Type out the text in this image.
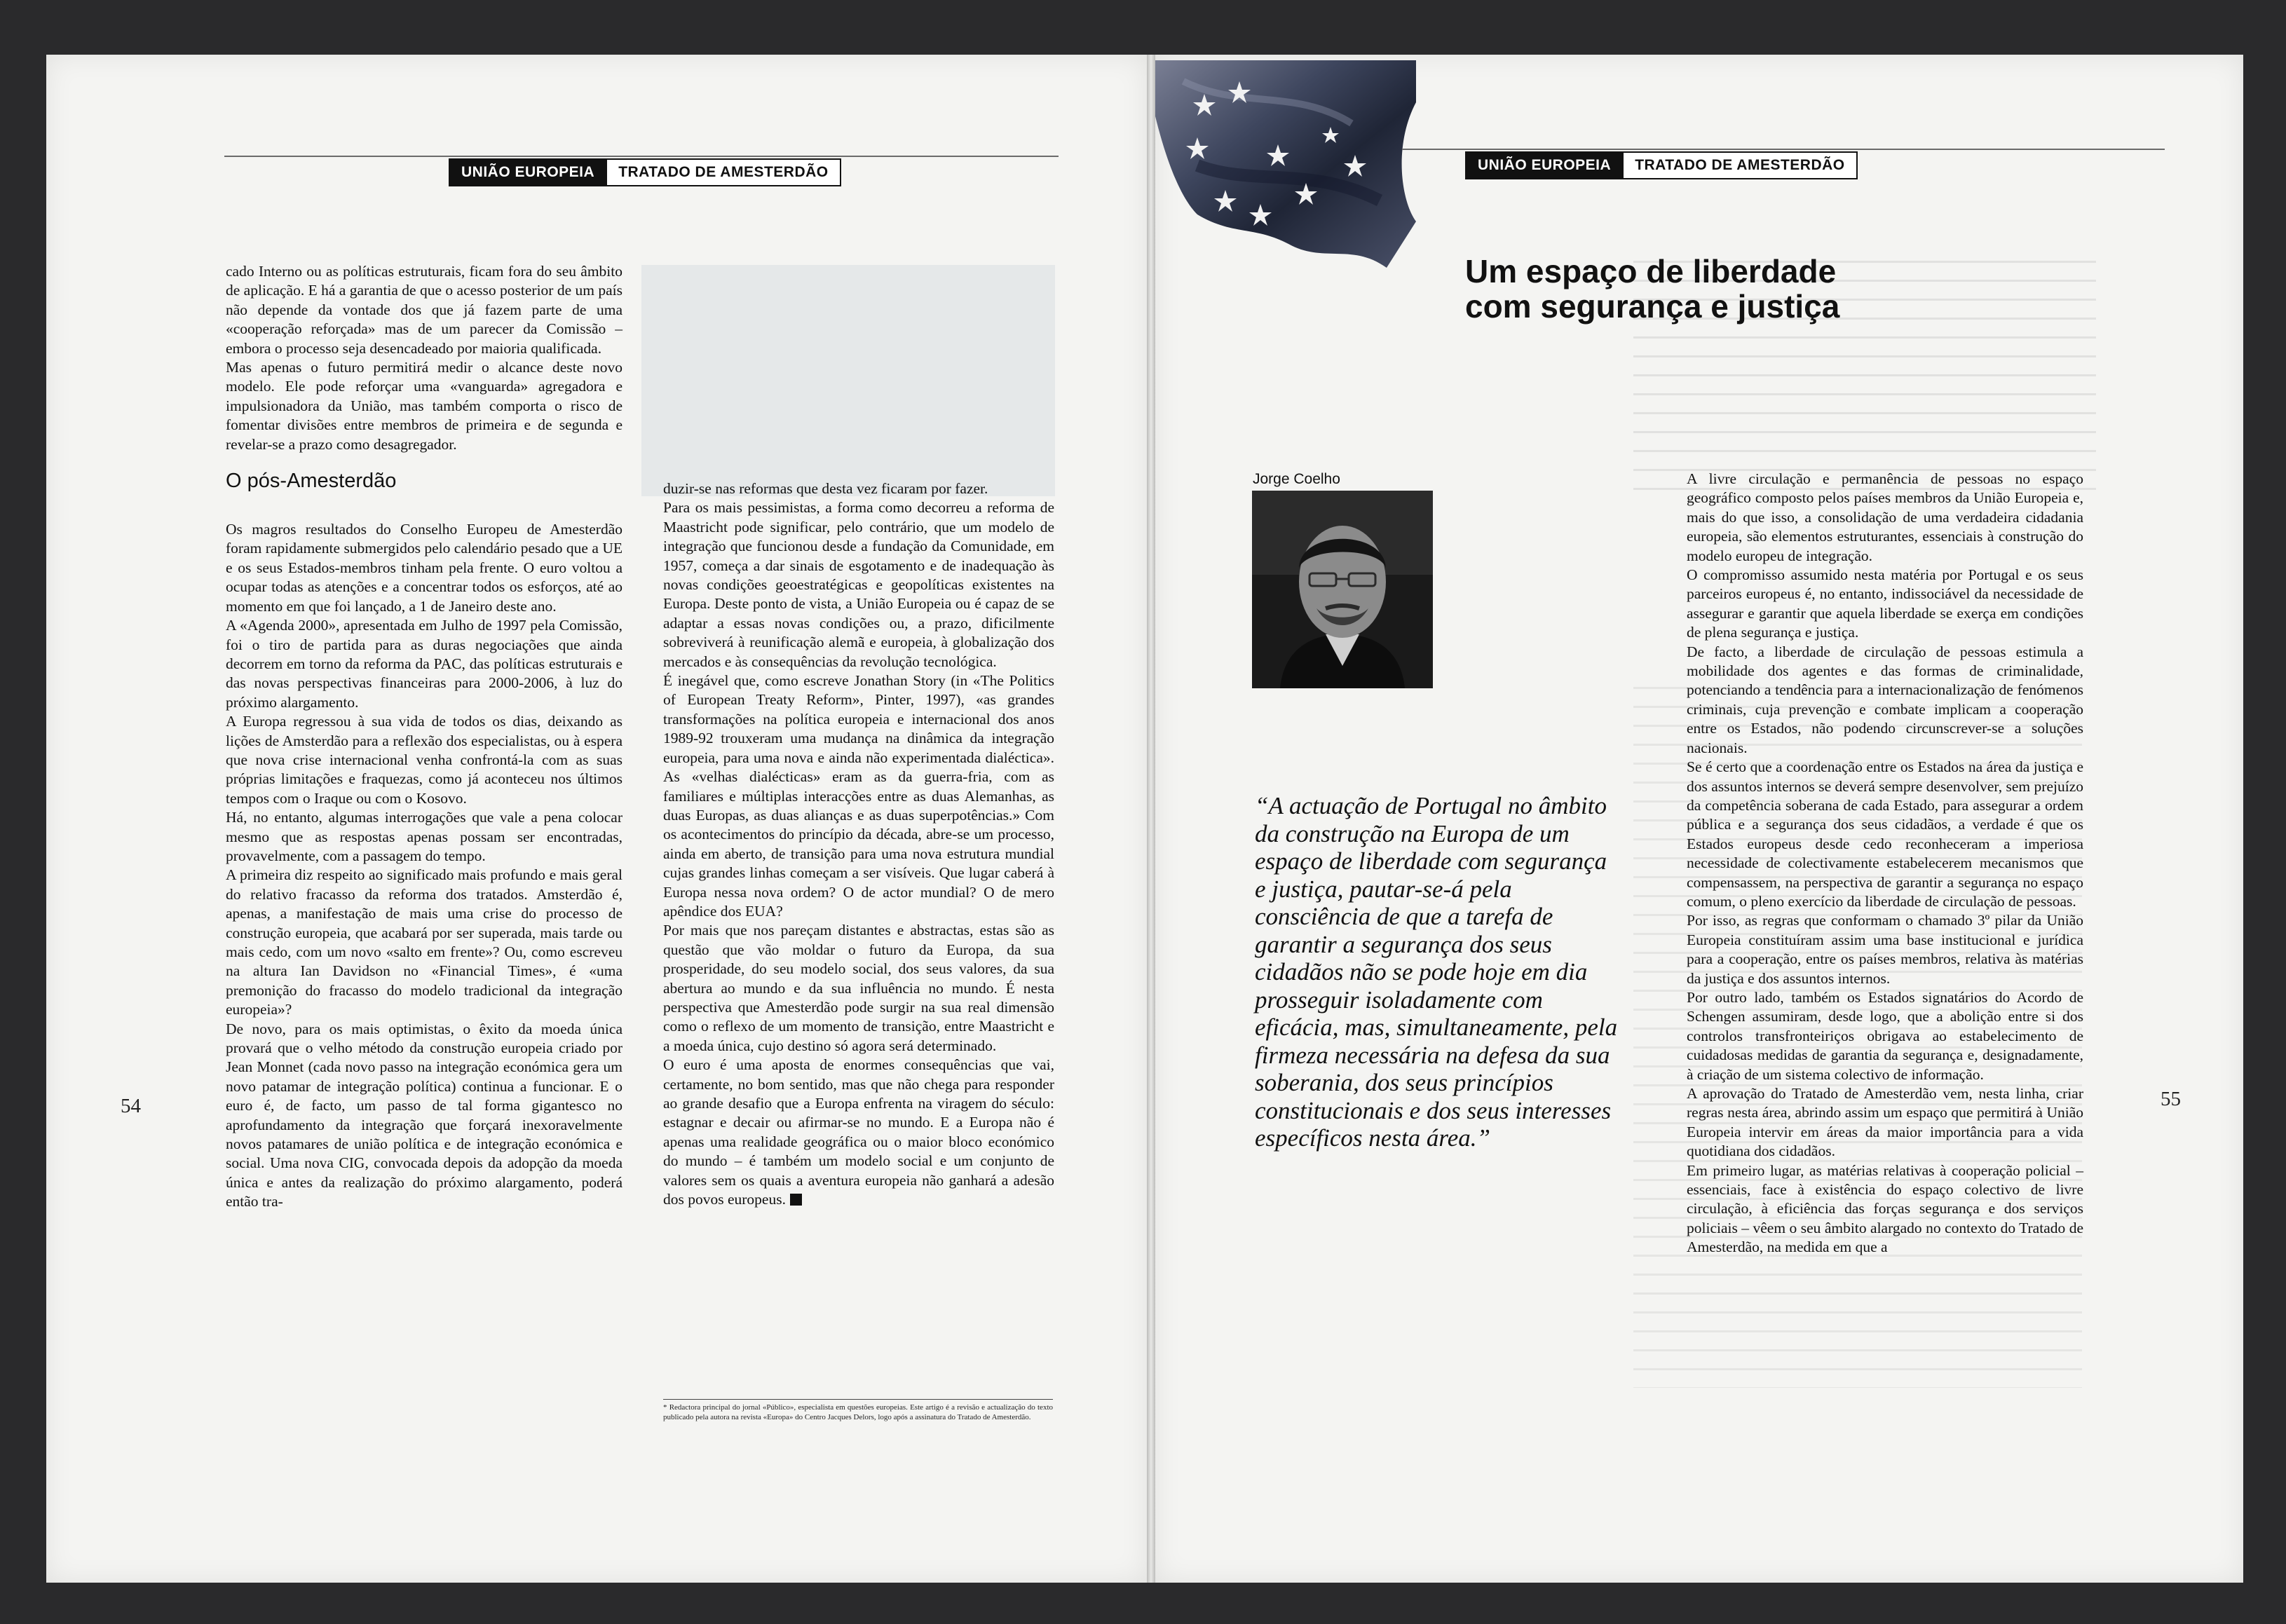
UNIÃO EUROPEIA	TRATADO DE AMESTERDÃO

cado Interno ou as políticas estruturais, ficam fora do seu âmbito de aplicação. E há a garantia de que o acesso posterior de um país não depende da vontade dos que já fazem parte de uma «cooperação reforçada» mas de um parecer da Comissão – embora o processo seja desencadeado por maioria qualificada.

Mas apenas o futuro permitirá medir o alcance deste novo modelo. Ele pode reforçar uma «vanguarda» agregadora e impulsionadora da União, mas também comporta o risco de fomentar divisões entre membros de primeira e de segunda e revelar-se a prazo como desagregador.

O pós-Amesterdão

Os magros resultados do Conselho Europeu de Amesterdão foram rapidamente submergidos pelo calendário pesado que a UE e os seus Estados-membros tinham pela frente. O euro voltou a ocupar todas as atenções e a concentrar todos os esforços, até ao momento em que foi lançado, a 1 de Janeiro deste ano.

A «Agenda 2000», apresentada em Julho de 1997 pela Comissão, foi o tiro de partida para as duras negociações que ainda decorrem em torno da reforma da PAC, das políticas estruturais e das novas perspectivas financeiras para 2000-2006, à luz do próximo alargamento.

A Europa regressou à sua vida de todos os dias, deixando as lições de Amsterdão para a reflexão dos especialistas, ou à espera que nova crise internacional venha confrontá-la com as suas próprias limitações e fraquezas, como já aconteceu nos últimos tempos com o Iraque ou com o Kosovo.

Há, no entanto, algumas interrogações que vale a pena colocar mesmo que as respostas apenas possam ser encontradas, provavelmente, com a passagem do tempo.

A primeira diz respeito ao significado mais profundo e mais geral do relativo fracasso da reforma dos tratados. Amsterdão é, apenas, a manifestação de mais uma crise do processo de construção europeia, que acabará por ser superada, mais tarde ou mais cedo, com um novo «salto em frente»? Ou, como escreveu na altura Ian Davidson no «Financial Times», é «uma premonição do fracasso do modelo tradicional da integração europeia»?

De novo, para os mais optimistas, o êxito da moeda única provará que o velho método da construção europeia criado por Jean Monnet (cada novo passo na integração económica gera um novo patamar de integração política) continua a funcionar. E o euro é, de facto, um passo de tal forma gigantesco no aprofundamento da integração que forçará inexoravelmente novos patamares de união política e de integração económica e social. Uma nova CIG, convocada depois da adopção da moeda única e antes da realização do próximo alargamento, poderá então tra-

duzir-se nas reformas que desta vez ficaram por fazer.

Para os mais pessimistas, a forma como decorreu a reforma de Maastricht pode significar, pelo contrário, que um modelo de integração que funcionou desde a fundação da Comunidade, em 1957, começa a dar sinais de esgotamento e de inadequação às novas condições geoestratégicas e geopolíticas existentes na Europa. Deste ponto de vista, a União Europeia ou é capaz de se adaptar a essas novas condições ou, a prazo, dificilmente sobreviverá à reunificação alemã e europeia, à globalização dos mercados e às consequências da revolução tecnológica.

É inegável que, como escreve Jonathan Story (in «The Politics of European Treaty Reform», Pinter, 1997), «as grandes transformações na política europeia e internacional dos anos 1989-92 trouxeram uma mudança na dinâmica da integração europeia, para uma nova e ainda não experimentada dialéctica». As «velhas dialécticas» eram as da guerra-fria, com as familiares e múltiplas interacções entre as duas Alemanhas, as duas Europas, as duas alianças e as duas superpotências.» Com os acontecimentos do princípio da década, abre-se um processo, ainda em aberto, de transição para uma nova estrutura mundial cujas grandes linhas começam a ser visíveis. Que lugar caberá à Europa nessa nova ordem? O de actor mundial? O de mero apêndice dos EUA?

Por mais que nos pareçam distantes e abstractas, estas são as questão que vão moldar o futuro da Europa, da sua prosperidade, do seu modelo social, dos seus valores, da sua abertura ao mundo e da sua influência no mundo. É nesta perspectiva que Amesterdão pode surgir na sua real dimensão como o reflexo de um momento de transição, entre Maastricht e a moeda única, cujo destino só agora será determinado.

O euro é uma aposta de enormes consequências que vai, certamente, no bom sentido, mas que não chega para responder ao grande desafio que a Europa enfrenta na viragem do século: estagnar e decair ou afirmar-se no mundo. E a Europa não é apenas uma realidade geográfica ou o maior bloco económico do mundo – é também um modelo social e um conjunto de valores sem os quais a aventura europeia não ganhará a adesão dos povos europeus.

* Redactora principal do jornal «Público», especialista em questões europeias. Este artigo é a revisão e actualização do texto publicado pela autora na revista «Europa» do Centro Jacques Delors, logo após a assinatura do Tratado de Amesterdão.
54
UNIÃO EUROPEIA	TRATADO DE AMESTERDÃO
Um espaço de liberdade
com segurança e justiça
Jorge Coelho
“A actuação de Portugal no âmbito
da construção na Europa de um
espaço de liberdade com segurança
e justiça, pautar-se-á pela
consciência de que a tarefa de
garantir a segurança dos seus
cidadãos não se pode hoje em dia
prosseguir isoladamente com
eficácia, mas, simultaneamente, pela
firmeza necessária na defesa da sua
soberania, dos seus princípios
constitucionais e dos seus interesses
específicos nesta área.”

A livre circulação e permanência de pessoas no espaço geográfico composto pelos países membros da União Europeia e, mais do que isso, a consolidação de uma verdadeira cidadania europeia, são elementos estruturantes, essenciais à construção do modelo europeu de integração.

O compromisso assumido nesta matéria por Portugal e os seus parceiros europeus é, no entanto, indissociável da necessidade de assegurar e garantir que aquela liberdade se exerça em condições de plena segurança e justiça.

De facto, a liberdade de circulação de pessoas estimula a mobilidade dos agentes e das formas de criminalidade, potenciando a tendência para a internacionalização de fenómenos criminais, cuja prevenção e combate implicam a cooperação entre os Estados, não podendo circunscrever-se a soluções nacionais.

Se é certo que a coordenação entre os Estados na área da justiça e dos assuntos internos se deverá sempre desenvolver, sem prejuízo da competência soberana de cada Estado, para assegurar a ordem pública e a segurança dos seus cidadãos, a verdade é que os Estados europeus desde cedo reconheceram a imperiosa necessidade de colectivamente estabelecerem mecanismos que compensassem, na perspectiva de garantir a segurança no espaço comum, o pleno exercício da liberdade de circulação de pessoas.

Por isso, as regras que conformam o chamado 3º pilar da União Europeia constituíram assim uma base institucional e jurídica para a cooperação, entre os países membros, relativa às matérias da justiça e dos assuntos internos.

Por outro lado, também os Estados signatários do Acordo de Schengen assumiram, desde logo, que a abolição entre si dos controlos transfronteiriços obrigava ao estabelecimento de cuidadosas medidas de garantia da segurança e, designadamente, à criação de um sistema colectivo de informação.

A aprovação do Tratado de Amesterdão vem, nesta linha, criar regras nesta área, abrindo assim um espaço que permitirá à União Europeia intervir em áreas da maior importância para a vida quotidiana dos cidadãos.

Em primeiro lugar, as matérias relativas à cooperação policial – essenciais, face à existência do espaço colectivo de livre circulação, à eficiência das forças segurança e dos serviços policiais – vêem o seu âmbito alargado no contexto do Tratado de Amesterdão, na medida em que a

55
